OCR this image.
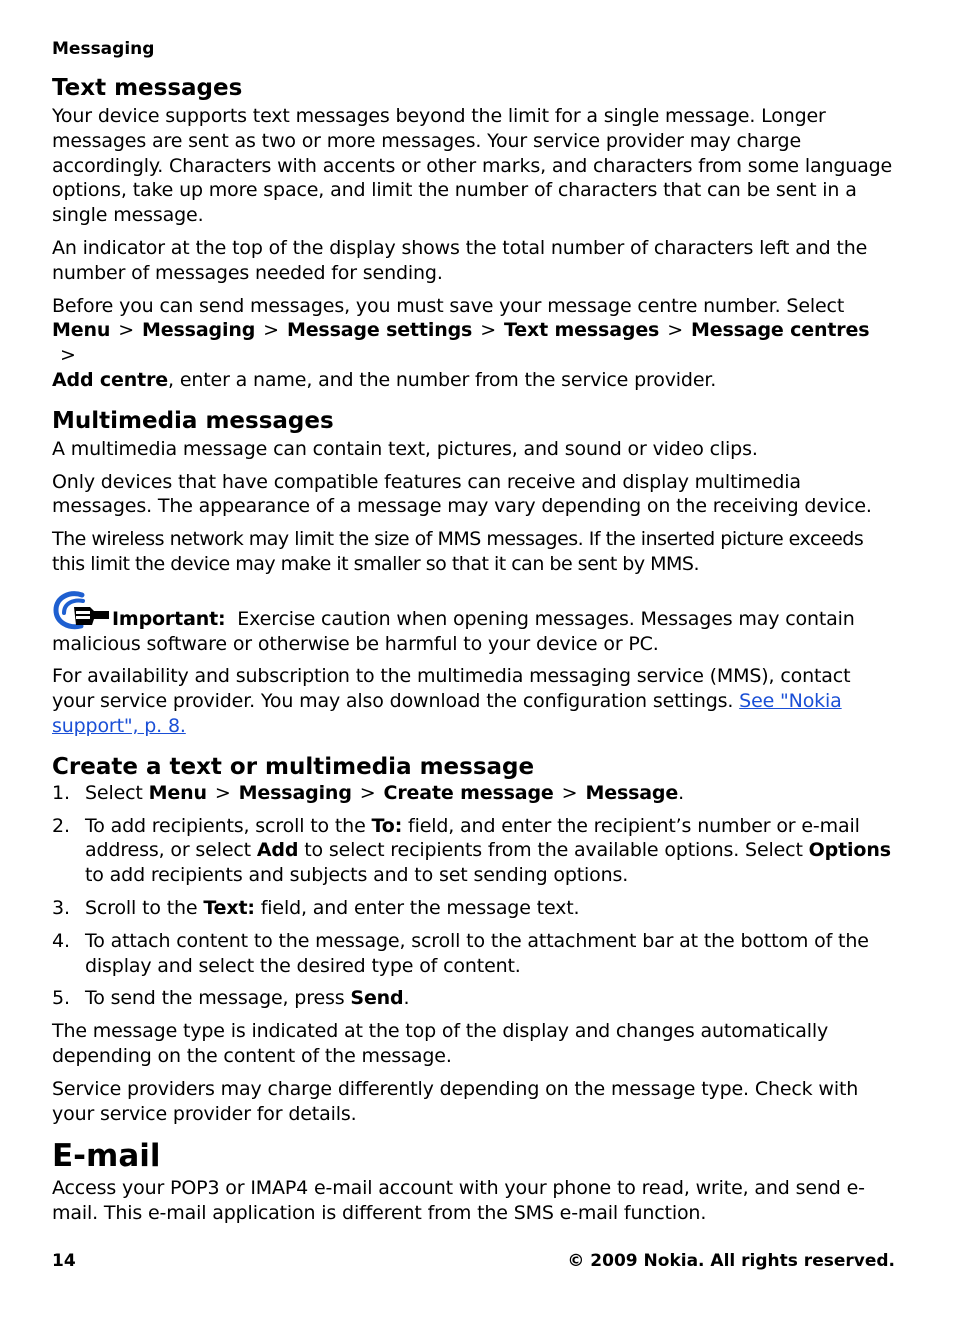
Messaging
Text messages

Your device supports text messages beyond the limit for a single message. Longer messages are sent as two or more messages. Your service provider may charge accordingly. Characters with accents or other marks, and characters from some language options, take up more space, and limit the number of characters that can be sent in a single message.

An indicator at the top of the display shows the total number of characters left and the number of messages needed for sending.

Before you can send messages, you must save your message centre number. Select
Menu > Messaging > Message settings > Text messages > Message centres>
Add centre, enter a name, and the number from the service provider.

Multimedia messages

A multimedia message can contain text, pictures, and sound or video clips.

Only devices that have compatible features can receive and display multimedia messages. The appearance of a message may vary depending on the receiving device.

The wireless network may limit the size of MMS messages. If the inserted picture exceeds this limit the device may make it smaller so that it can be sent by MMS.

Important: Exercise caution when opening messages. Messages may contain malicious software or otherwise be harmful to your device or PC.

For availability and subscription to the multimedia messaging service (MMS), contact your service provider. You may also download the configuration settings. See "Nokia support", p. 8.

Create a text or multimedia message
1. Select Menu > Messaging > Create message > Message.
2. To add recipients, scroll to the To: field, and enter the recipient’s number or e-mail address, or select Add to select recipients from the available options. Select Options to add recipients and subjects and to set sending options.
3. Scroll to the Text: field, and enter the message text.
4. To attach content to the message, scroll to the attachment bar at the bottom of the display and select the desired type of content.
5. To send the message, press Send.

The message type is indicated at the top of the display and changes automatically depending on the content of the message.

Service providers may charge differently depending on the message type. Check with your service provider for details.

E-mail

Access your POP3 or IMAP4 e-mail account with your phone to read, write, and send e-mail. This e-mail application is different from the SMS e-mail function.

14	© 2009 Nokia. All rights reserved.
